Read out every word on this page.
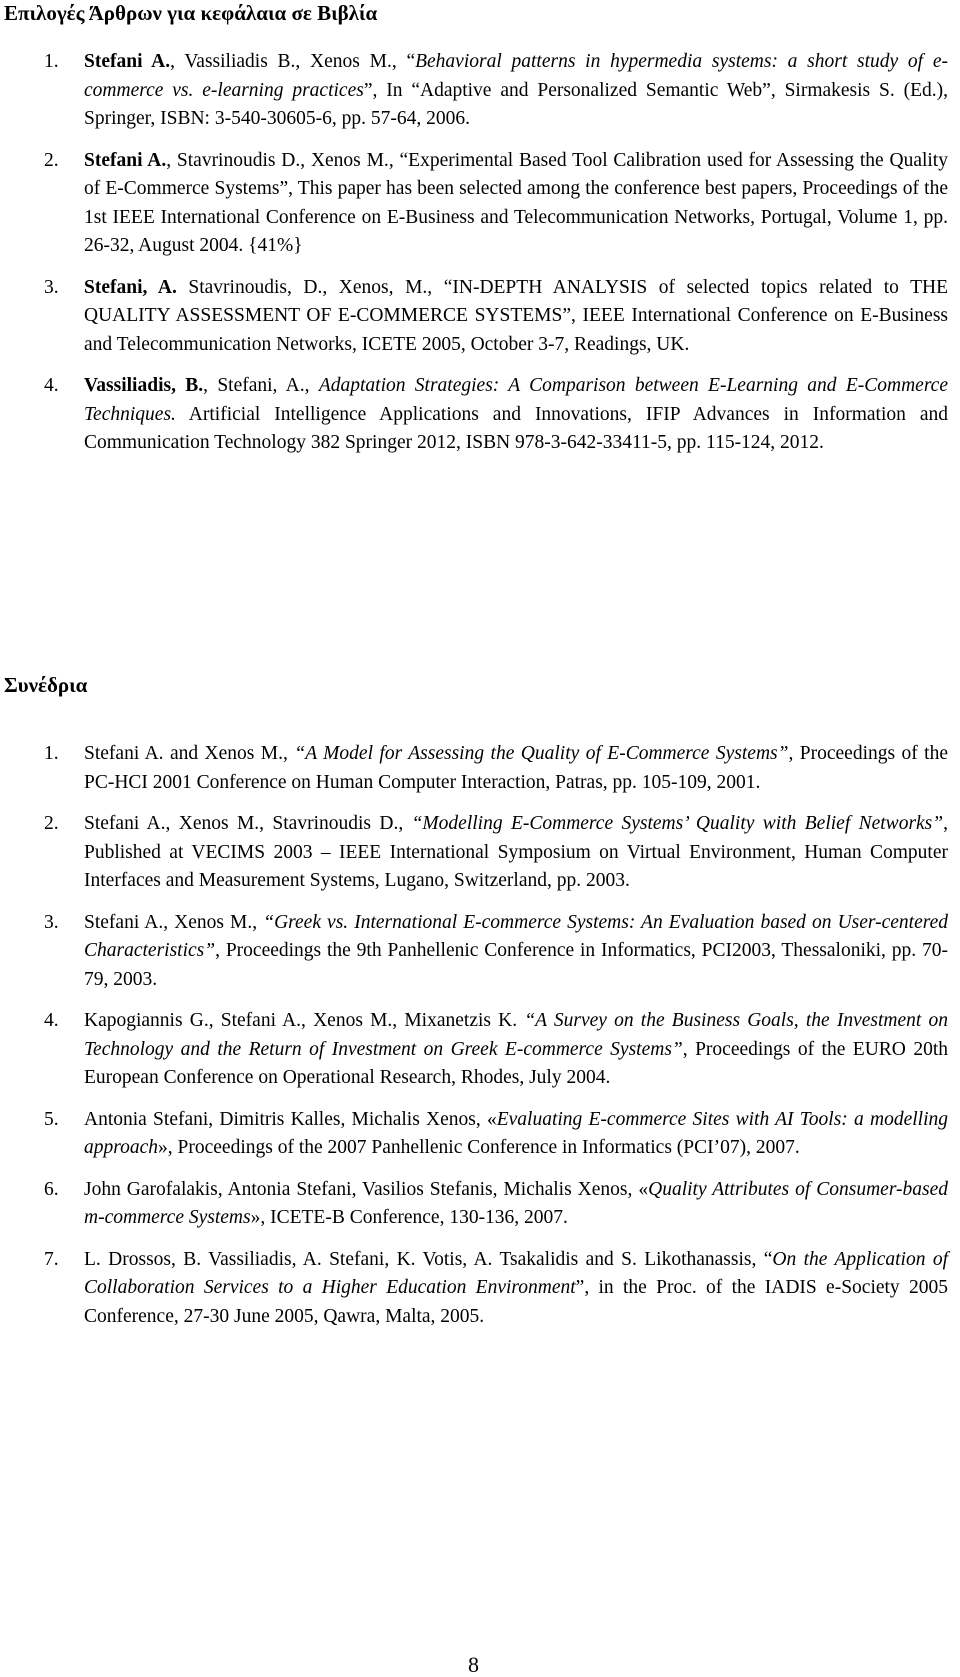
Επιλογές Άρθρων για κεφάλαια σε Βιβλία
1. Stefani A., Vassiliadis B., Xenos M., “Behavioral patterns in hypermedia systems: a short study of e-commerce vs. e-learning practices”, In “Adaptive and Personalized Semantic Web”, Sirmakesis S. (Ed.), Springer, ISBN: 3-540-30605-6, pp. 57-64, 2006.
2. Stefani A., Stavrinoudis D., Xenos M., “Experimental Based Tool Calibration used for Assessing the Quality of E-Commerce Systems”, This paper has been selected among the conference best papers, Proceedings of the 1st IEEE International Conference on E-Business and Telecommunication Networks, Portugal, Volume 1, pp. 26-32, August 2004. {41%}
3. Stefani, A. Stavrinoudis, D., Xenos, M., “IN-DEPTH ANALYSIS of selected topics related to THE QUALITY ASSESSMENT OF E-COMMERCE SYSTEMS”, IEEE International Conference on E-Business and Telecommunication Networks, ICETE 2005, October 3-7, Readings, UK.
4. Vassiliadis, B., Stefani, A., Adaptation Strategies: A Comparison between E-Learning and E-Commerce Techniques. Artificial Intelligence Applications and Innovations, IFIP Advances in Information and Communication Technology 382 Springer 2012, ISBN 978-3-642-33411-5, pp. 115-124, 2012.
Συνέδρια
1. Stefani A. and Xenos M., “A Model for Assessing the Quality of E-Commerce Systems”, Proceedings of the PC-HCI 2001 Conference on Human Computer Interaction, Patras, pp. 105-109, 2001.
2. Stefani A., Xenos M., Stavrinoudis D., “Modelling E-Commerce Systems’ Quality with Belief Networks”, Published at VECIMS 2003 – IEEE International Symposium on Virtual Environment, Human Computer Interfaces and Measurement Systems, Lugano, Switzerland, pp. 2003.
3. Stefani A., Xenos M., “Greek vs. International E-commerce Systems: An Evaluation based on User-centered Characteristics”, Proceedings the 9th Panhellenic Conference in Informatics, PCI2003, Thessaloniki, pp. 70-79, 2003.
4. Kapogiannis G., Stefani A., Xenos M., Mixanetzis K. “A Survey on the Business Goals, the Investment on Technology and the Return of Investment on Greek E-commerce Systems”, Proceedings of the EURO 20th European Conference on Operational Research, Rhodes, July 2004.
5. Antonia Stefani, Dimitris Kalles, Michalis Xenos, «Evaluating E-commerce Sites with AI Tools: a modelling approach», Proceedings of the 2007 Panhellenic Conference in Informatics (PCI’07), 2007.
6. John Garofalakis, Antonia Stefani, Vasilios Stefanis, Michalis Xenos, «Quality Attributes of Consumer-based m-commerce Systems», ICETE-B Conference, 130-136, 2007.
7. L. Drossos, B. Vassiliadis, A. Stefani, K. Votis, A. Tsakalidis and S. Likothanassis, “On the Application of Collaboration Services to a Higher Education Environment”, in the Proc. of the IADIS e-Society 2005 Conference, 27-30 June 2005, Qawra, Malta, 2005.
8
